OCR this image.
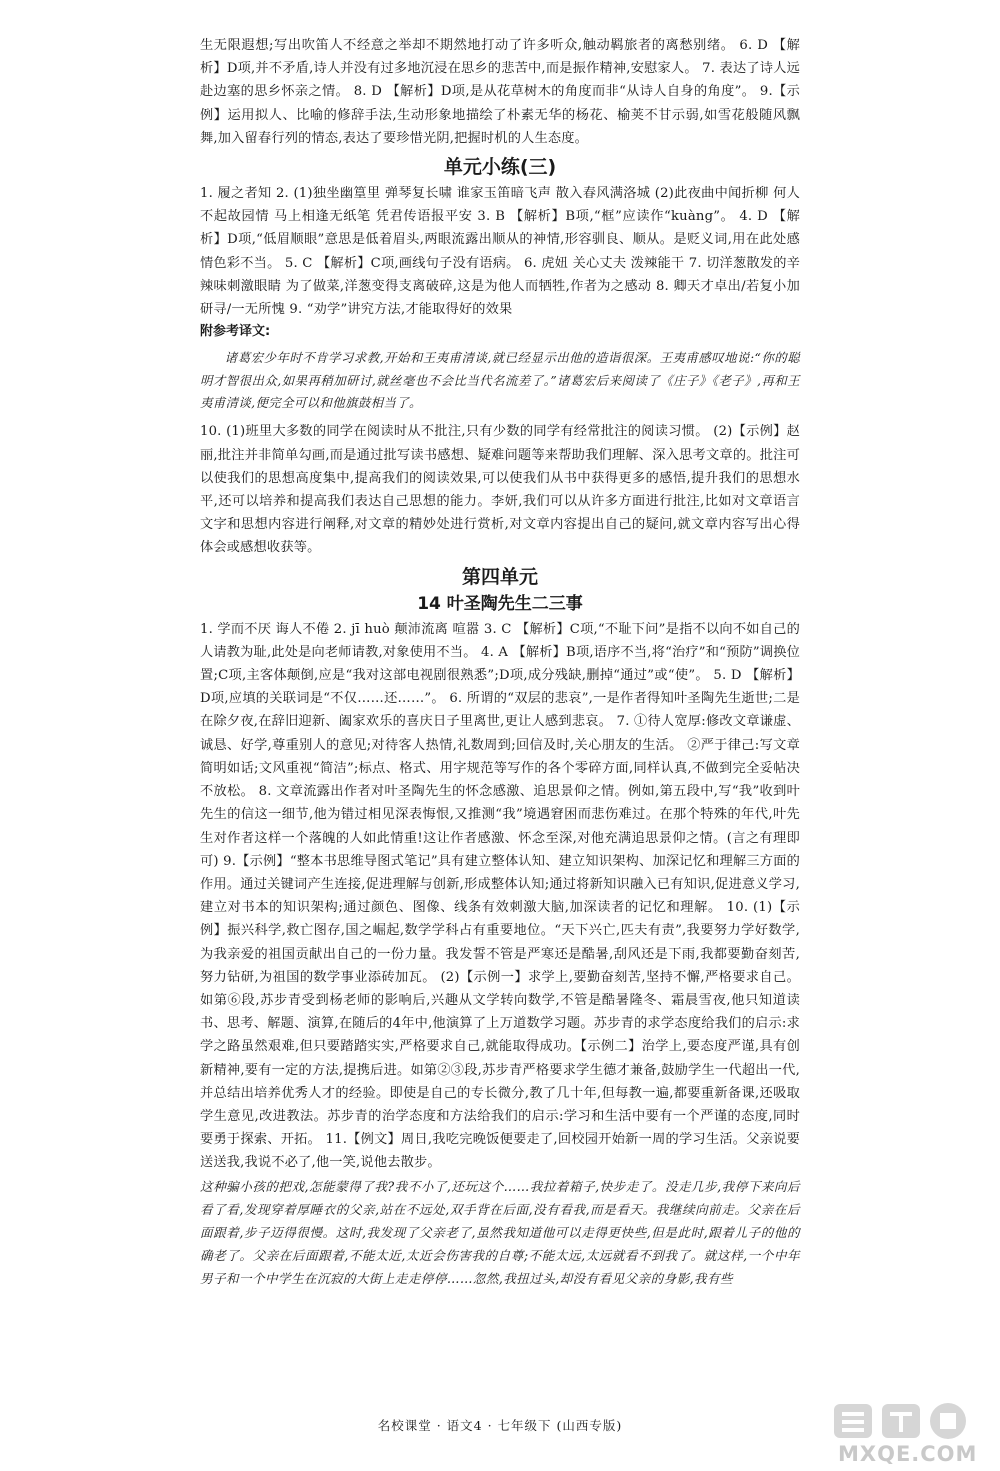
生无限遐想;写出吹笛人不经意之举却不期然地打动了许多听众,触动羁旅者的离愁别绪。 6. D 【解析】D项,并不矛盾,诗人并没有过多地沉浸在思乡的悲苦中,而是振作精神,安慰家人。 7. 表达了诗人远赴边塞的思乡怀亲之情。 8. D 【解析】D项,是从花草树木的角度而非“从诗人自身的角度”。 9.【示例】运用拟人、比喻的修辞手法,生动形象地描绘了朴素无华的杨花、榆荚不甘示弱,如雪花般随风飘舞,加入留春行列的情态,表达了要珍惜光阴,把握时机的人生态度。

单元小练(三)

1. 履之者知 2. (1)独坐幽篁里 弹琴复长啸 谁家玉笛暗飞声 散入春风满洛城 (2)此夜曲中闻折柳 何人不起故园情 马上相逢无纸笔 凭君传语报平安 3. B 【解析】B项,“框”应读作“kuàng”。 4. D 【解析】D项,“低眉顺眼”意思是低着眉头,两眼流露出顺从的神情,形容驯良、顺从。是贬义词,用在此处感情色彩不当。 5. C 【解析】C项,画线句子没有语病。 6. 虎妞 关心丈夫 泼辣能干 7. 切洋葱散发的辛辣味刺激眼睛 为了做菜,洋葱变得支离破碎,这是为他人而牺牲,作者为之感动 8. 卿天才卓出/若复小加研寻/一无所愧 9. “劝学”讲究方法,才能取得好的效果

附参考译文:

诸葛宏少年时不肯学习求教,开始和王夷甫清谈,就已经显示出他的造诣很深。王夷甫感叹地说:“你的聪明才智很出众,如果再稍加研讨,就丝毫也不会比当代名流差了。”诸葛宏后来阅读了《庄子》《老子》,再和王夷甫清谈,便完全可以和他旗鼓相当了。

10. (1)班里大多数的同学在阅读时从不批注,只有少数的同学有经常批注的阅读习惯。 (2)【示例】赵丽,批注并非简单勾画,而是通过批写读书感想、疑难问题等来帮助我们理解、深入思考文章的。批注可以使我们的思想高度集中,提高我们的阅读效果,可以使我们从书中获得更多的感悟,提升我们的思想水平,还可以培养和提高我们表达自己思想的能力。李妍,我们可以从许多方面进行批注,比如对文章语言文字和思想内容进行阐释,对文章的精妙处进行赏析,对文章内容提出自己的疑问,就文章内容写出心得体会或感想收获等。

第四单元
14 叶圣陶先生二三事

1. 学而不厌 诲人不倦 2. jī huò 颠沛流离 喧嚣 3. C 【解析】C项,“不耻下问”是指不以向不如自己的人请教为耻,此处是向老师请教,对象使用不当。 4. A 【解析】B项,语序不当,将“治疗”和“预防”调换位置;C项,主客体颠倒,应是“我对这部电视剧很熟悉”;D项,成分残缺,删掉“通过”或“使”。 5. D 【解析】D项,应填的关联词是“不仅……还……”。 6. 所谓的“双层的悲哀”,一是作者得知叶圣陶先生逝世;二是在除夕夜,在辞旧迎新、阖家欢乐的喜庆日子里离世,更让人感到悲哀。 7. ①待人宽厚:修改文章谦虚、诚恳、好学,尊重别人的意见;对待客人热情,礼数周到;回信及时,关心朋友的生活。 ②严于律己:写文章简明如话;文风重视“简洁”;标点、格式、用字规范等写作的各个零碎方面,同样认真,不做到完全妥帖决不放松。 8. 文章流露出作者对叶圣陶先生的怀念感激、追思景仰之情。例如,第五段中,写“我”收到叶先生的信这一细节,他为错过相见深表悔恨,又推测“我”境遇窘困而悲伤难过。在那个特殊的年代,叶先生对作者这样一个落魄的人如此情重!这让作者感激、怀念至深,对他充满追思景仰之情。(言之有理即可) 9.【示例】“整本书思维导图式笔记”具有建立整体认知、建立知识架构、加深记忆和理解三方面的作用。通过关键词产生连接,促进理解与创新,形成整体认知;通过将新知识融入已有知识,促进意义学习,建立对书本的知识架构;通过颜色、图像、线条有效刺激大脑,加深读者的记忆和理解。 10. (1)【示例】振兴科学,救亡图存,国之崛起,数学学科占有重要地位。“天下兴亡,匹夫有责”,我要努力学好数学,为我亲爱的祖国贡献出自己的一份力量。我发誓不管是严寒还是酷暑,刮风还是下雨,我都要勤奋刻苦,努力钻研,为祖国的数学事业添砖加瓦。 (2)【示例一】求学上,要勤奋刻苦,坚持不懈,严格要求自己。如第⑥段,苏步青受到杨老师的影响后,兴趣从文学转向数学,不管是酷暑隆冬、霜晨雪夜,他只知道读书、思考、解题、演算,在随后的4年中,他演算了上万道数学习题。苏步青的求学态度给我们的启示:求学之路虽然艰难,但只要踏踏实实,严格要求自己,就能取得成功。【示例二】治学上,要态度严谨,具有创新精神,要有一定的方法,提携后进。如第②③段,苏步青严格要求学生德才兼备,鼓励学生一代超出一代,并总结出培养优秀人才的经验。即使是自己的专长微分,教了几十年,但每教一遍,都要重新备课,还吸取学生意见,改进教法。苏步青的治学态度和方法给我们的启示:学习和生活中要有一个严谨的态度,同时要勇于探索、开拓。 11.【例文】周日,我吃完晚饭便要走了,回校园开始新一周的学习生活。父亲说要送送我,我说不必了,他一笑,说他去散步。

这种骗小孩的把戏,怎能蒙得了我?我不小了,还玩这个……我拉着箱子,快步走了。没走几步,我停下来向后看了看,发现穿着厚睡衣的父亲,站在不远处,双手背在后面,没有看我,而是看天。我继续向前走。父亲在后面跟着,步子迈得很慢。这时,我发现了父亲老了,虽然我知道他可以走得更快些,但是此时,跟着儿子的他的确老了。父亲在后面跟着,不能太近,太近会伤害我的自尊;不能太远,太远就看不到我了。就这样,一个中年男子和一个中学生在沉寂的大街上走走停停……忽然,我扭过头,却没有看见父亲的身影,我有些

名校课堂 · 语文4 · 七年级下 (山西专版)
MXQE.COM
